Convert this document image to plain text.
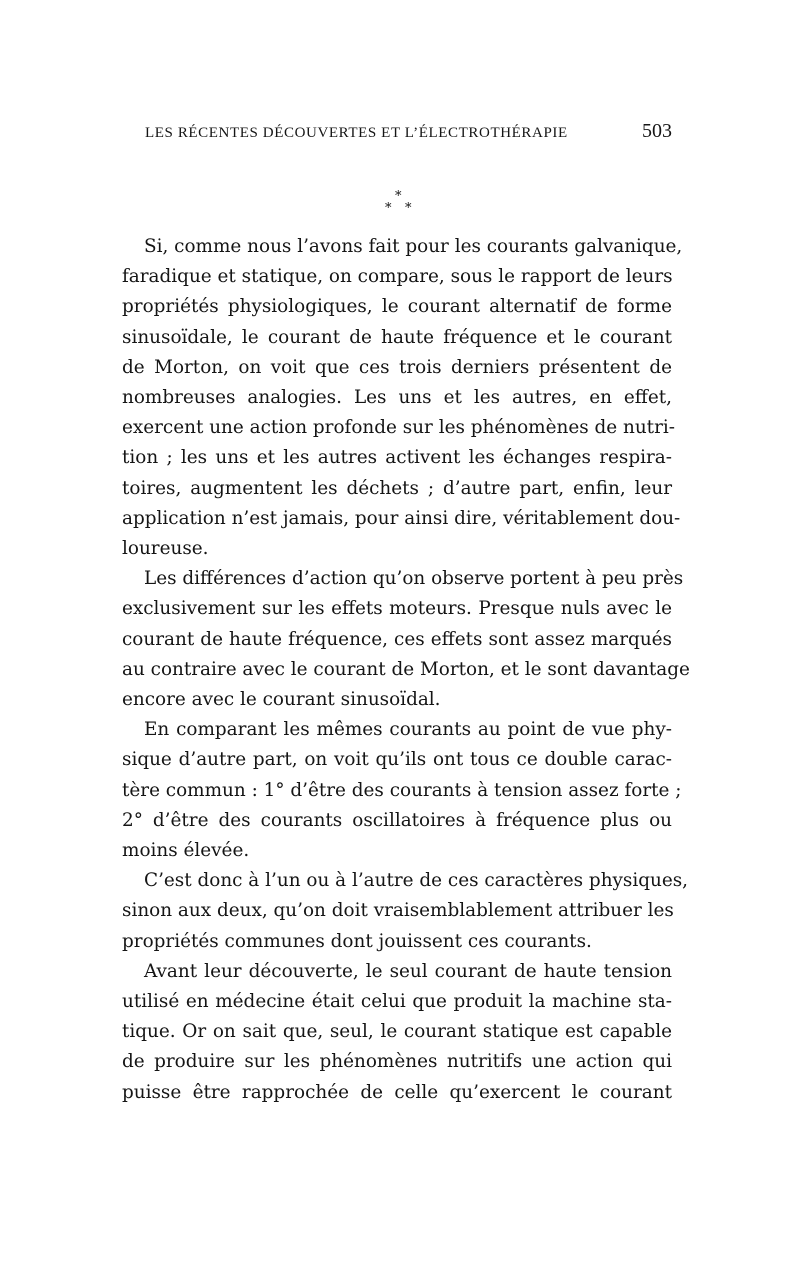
LES RÉCENTES DÉCOUVERTES ET L’ÉLECTROTHÉRAPIE	503
*
* *

Si, comme nous l’avons fait pour les courants galvanique,
faradique et statique, on compare, sous le rapport de leurs
propriétés physiologiques, le courant alternatif de forme
sinusoïdale, le courant de haute fréquence et le courant
de Morton, on voit que ces trois derniers présentent de
nombreuses analogies. Les uns et les autres, en effet,
exercent une action profonde sur les phénomènes de nutri-
tion ; les uns et les autres activent les échanges respira-
toires, augmentent les déchets ; d’autre part, enfin, leur
application n’est jamais, pour ainsi dire, véritablement dou-
loureuse.

Les différences d’action qu’on observe portent à peu près
exclusivement sur les effets moteurs. Presque nuls avec le
courant de haute fréquence, ces effets sont assez marqués
au contraire avec le courant de Morton, et le sont davantage
encore avec le courant sinusoïdal.

En comparant les mêmes courants au point de vue phy-
sique d’autre part, on voit qu’ils ont tous ce double carac-
tère commun : 1° d’être des courants à tension assez forte ;
2° d’être des courants oscillatoires à fréquence plus ou
moins élevée.

C’est donc à l’un ou à l’autre de ces caractères physiques,
sinon aux deux, qu’on doit vraisemblablement attribuer les
propriétés communes dont jouissent ces courants.

Avant leur découverte, le seul courant de haute tension
utilisé en médecine était celui que produit la machine sta-
tique. Or on sait que, seul, le courant statique est capable
de produire sur les phénomènes nutritifs une action qui
puisse être rapprochée de celle qu’exercent le courant
